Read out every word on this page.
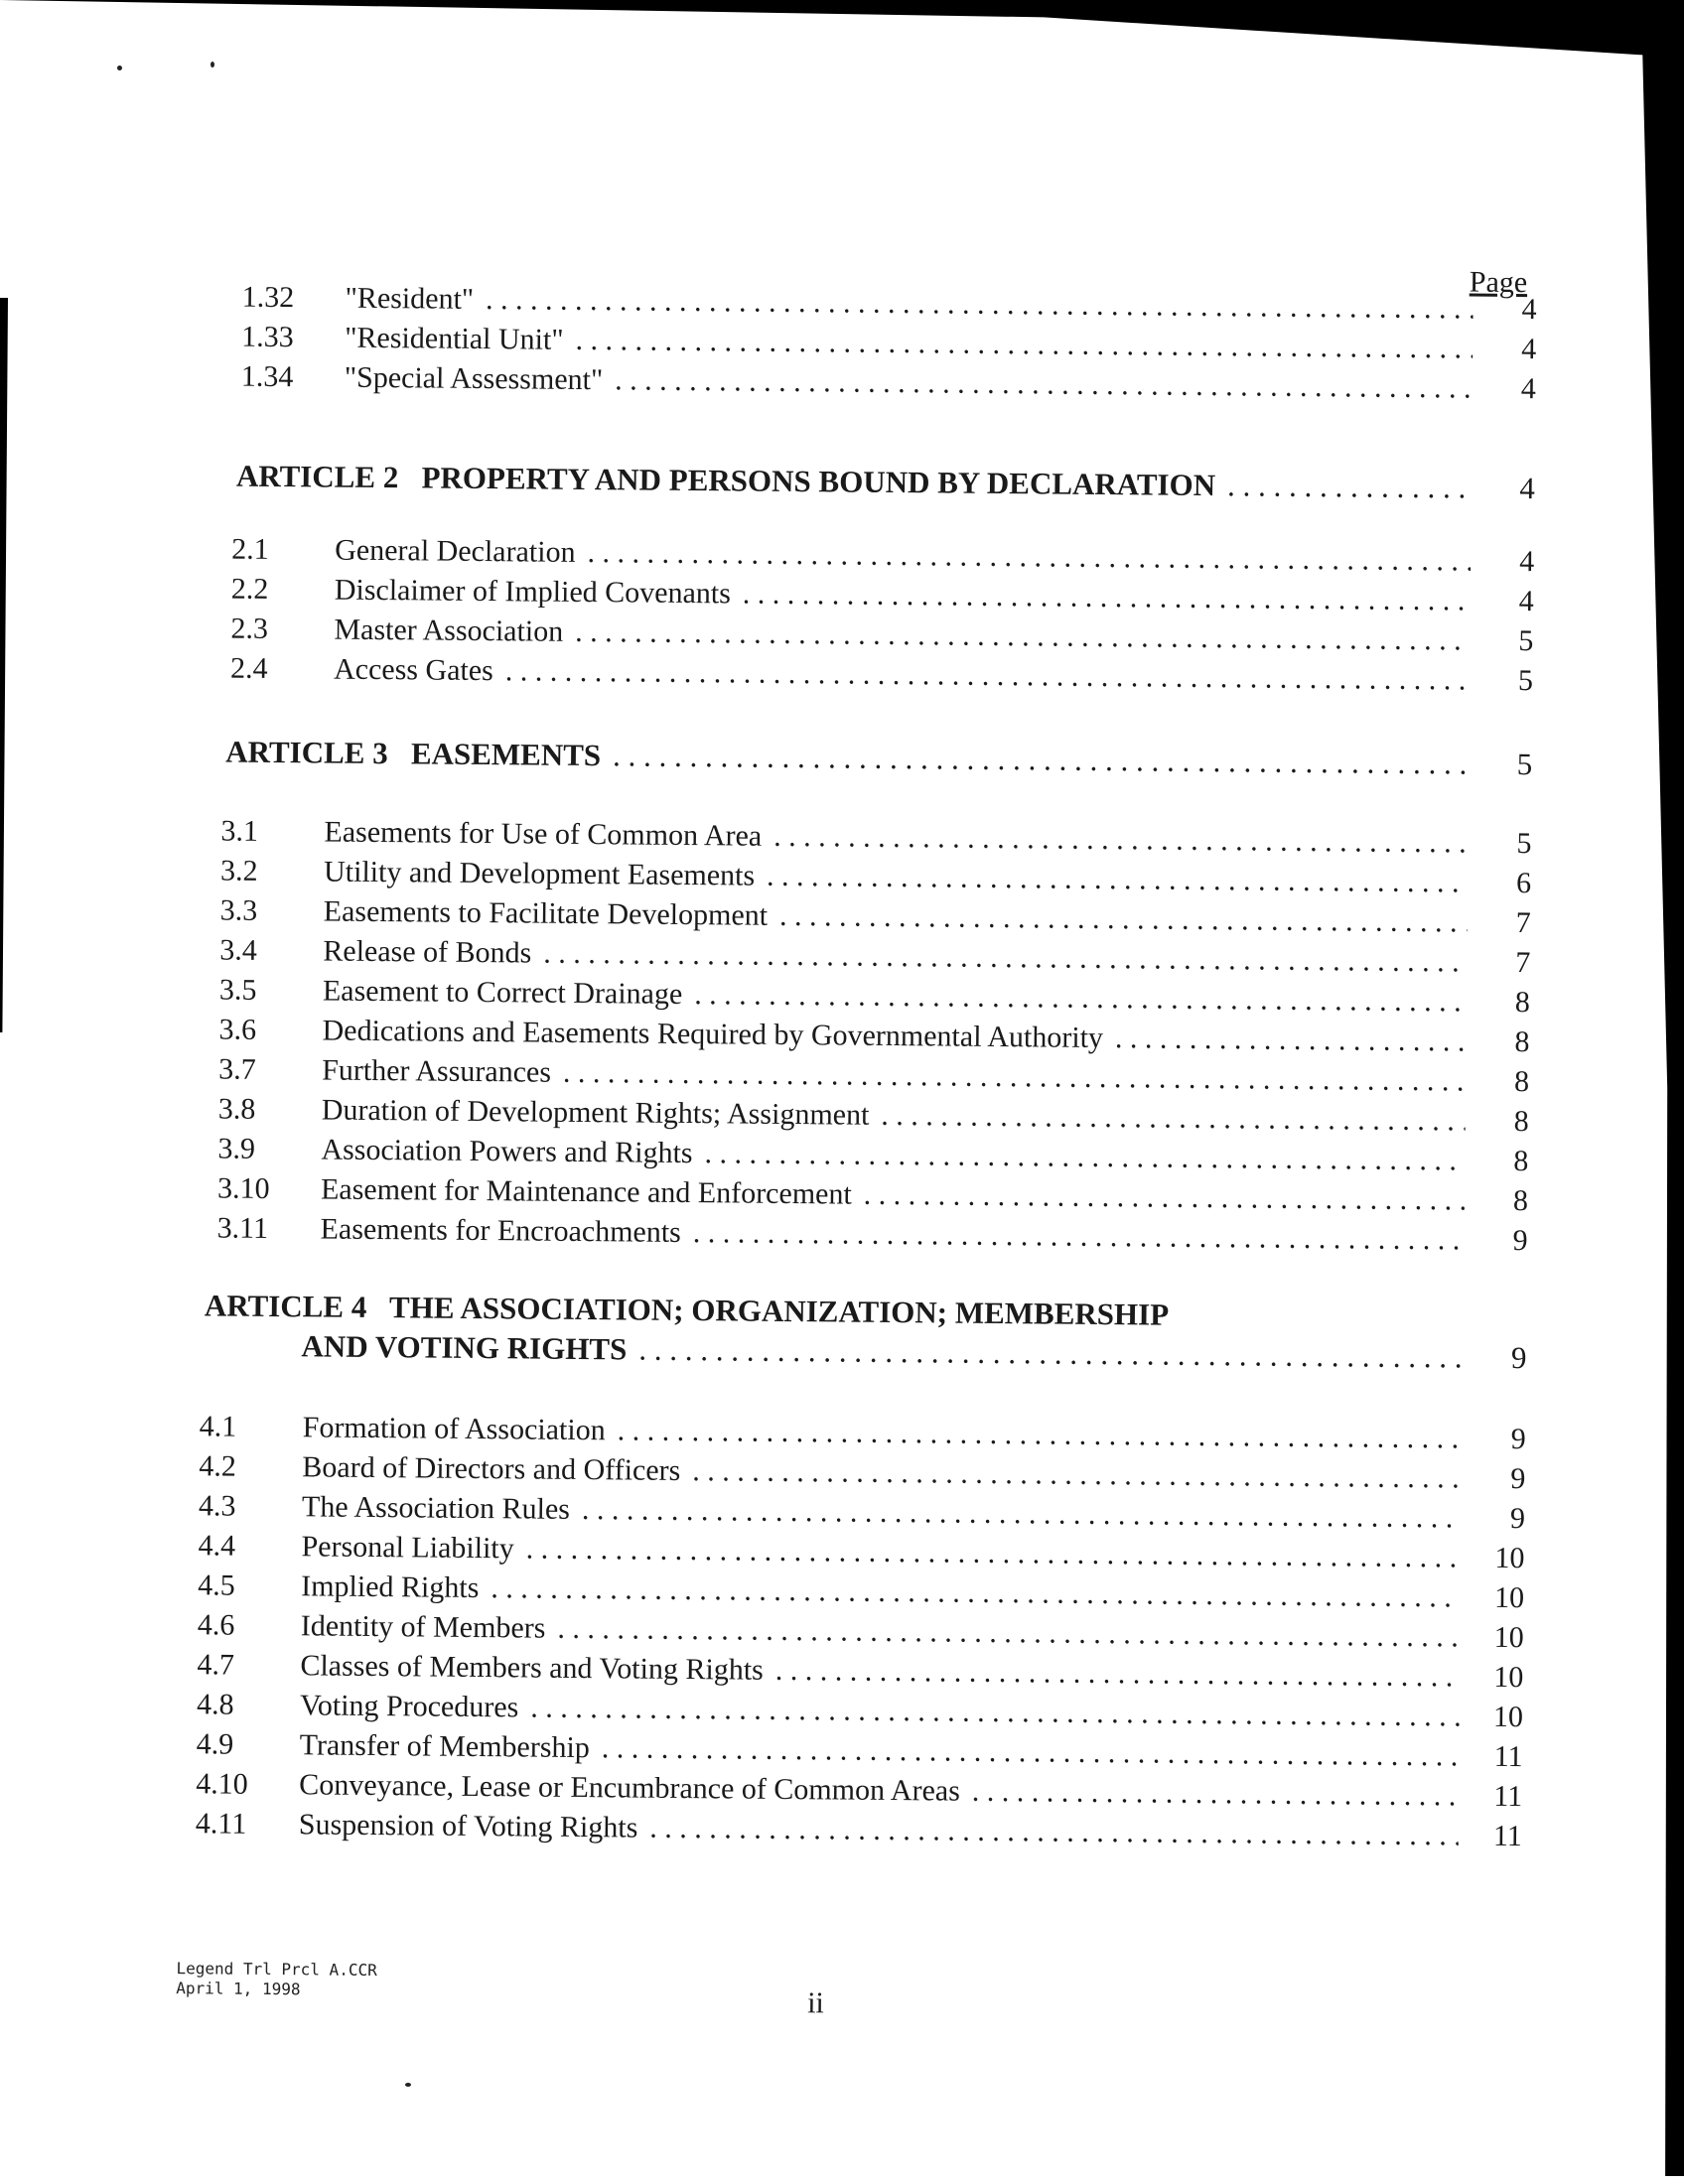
Page
1.32	"Resident" . . .	4
1.33	"Residential Unit" . . .	4
1.34	"Special Assessment" . . .	4
ARTICLE 2   PROPERTY AND PERSONS BOUND BY DECLARATION . . .	4
2.1	General Declaration . . .	4
2.2	Disclaimer of Implied Covenants . . .	4
2.3	Master Association . . .	5
2.4	Access Gates . . .	5
ARTICLE 3   EASEMENTS . . .	5
3.1	Easements for Use of Common Area . . .	5
3.2	Utility and Development Easements . . .	6
3.3	Easements to Facilitate Development . . .	7
3.4	Release of Bonds . . .	7
3.5	Easement to Correct Drainage . . .	8
3.6	Dedications and Easements Required by Governmental Authority . . .	8
3.7	Further Assurances . . .	8
3.8	Duration of Development Rights; Assignment . . .	8
3.9	Association Powers and Rights . . .	8
3.10	Easement for Maintenance and Enforcement . . .	8
3.11	Easements for Encroachments . . .	9
ARTICLE 4   THE ASSOCIATION; ORGANIZATION; MEMBERSHIP
AND VOTING RIGHTS . . .	9
4.1	Formation of Association . . .	9
4.2	Board of Directors and Officers . . .	9
4.3	The Association Rules . . .	9
4.4	Personal Liability . . .	10
4.5	Implied Rights . . .	10
4.6	Identity of Members . . .	10
4.7	Classes of Members and Voting Rights . . .	10
4.8	Voting Procedures . . .	10
4.9	Transfer of Membership . . .	11
4.10	Conveyance, Lease or Encumbrance of Common Areas . . .	11
4.11	Suspension of Voting Rights . . .	11
Legend Trl Prcl A.CCR
April 1, 1998	ii
